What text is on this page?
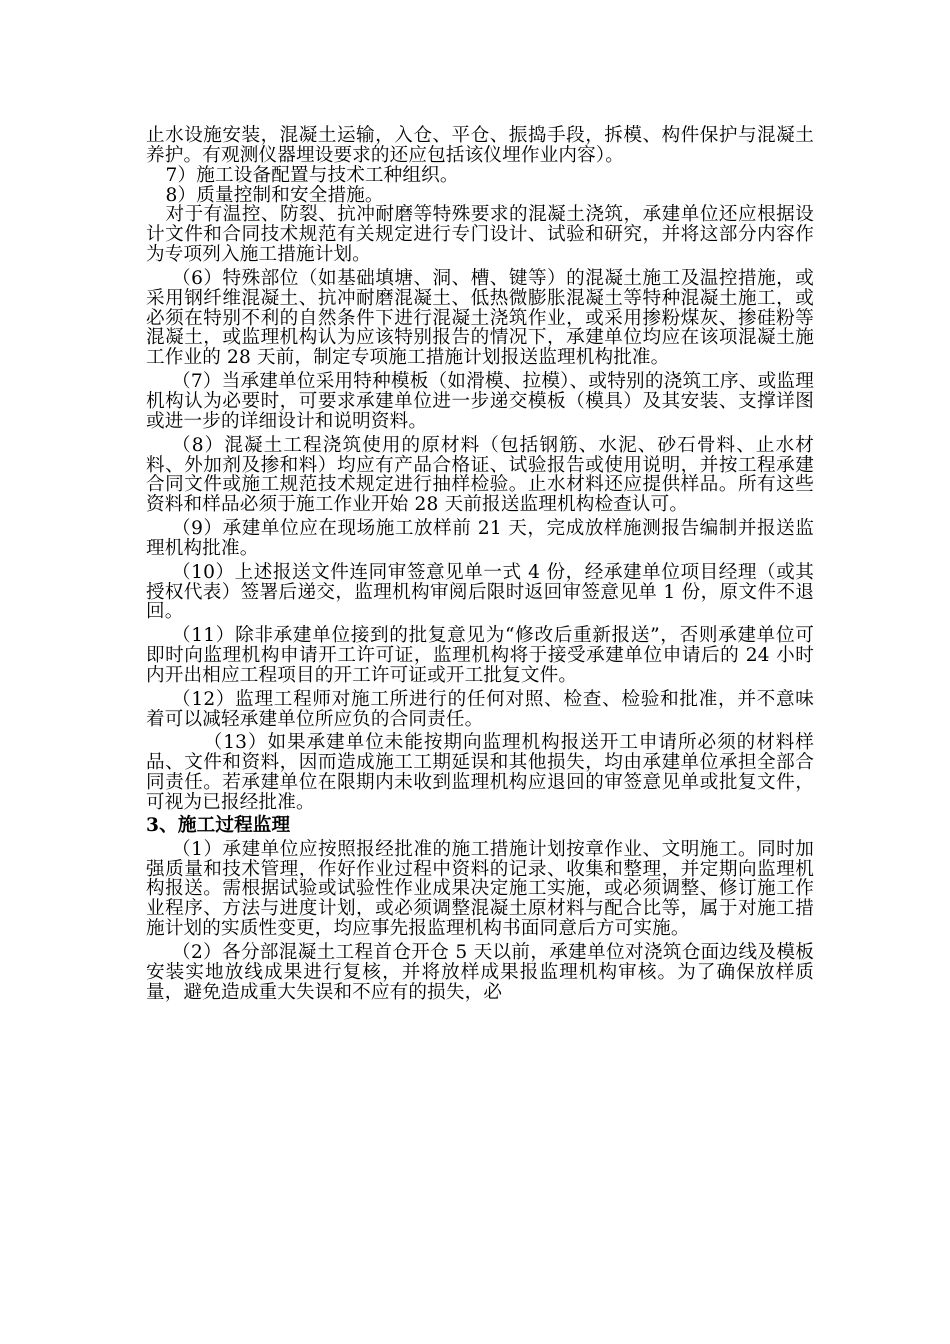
止水设施安装，混凝土运输，入仓、平仓、振捣手段，拆模、构件保护与混凝土养护。有观测仪器埋设要求的还应包括该仪埋作业内容）。

7）施工设备配置与技术工种组织。

8）质量控制和安全措施。

对于有温控、防裂、抗冲耐磨等特殊要求的混凝土浇筑，承建单位还应根据设计文件和合同技术规范有关规定进行专门设计、试验和研究，并将这部分内容作为专项列入施工措施计划。

（6）特殊部位（如基础填塘、洞、槽、键等）的混凝土施工及温控措施，或采用钢纤维混凝土、抗冲耐磨混凝土、低热微膨胀混凝土等特种混凝土施工，或必须在特别不利的自然条件下进行混凝土浇筑作业，或采用掺粉煤灰、掺硅粉等混凝土，或监理机构认为应该特别报告的情况下，承建单位均应在该项混凝土施工作业的 28 天前，制定专项施工措施计划报送监理机构批准。

（7）当承建单位采用特种模板（如滑模、拉模）、或特别的浇筑工序、或监理机构认为必要时，可要求承建单位进一步递交模板（模具）及其安装、支撑详图或进一步的详细设计和说明资料。

（8）混凝土工程浇筑使用的原材料（包括钢筋、水泥、砂石骨料、止水材料、外加剂及掺和料）均应有产品合格证、试验报告或使用说明，并按工程承建合同文件或施工规范技术规定进行抽样检验。止水材料还应提供样品。所有这些资料和样品必须于施工作业开始 28 天前报送监理机构检查认可。

（9）承建单位应在现场施工放样前 21 天，完成放样施测报告编制并报送监理机构批准。

（10）上述报送文件连同审签意见单一式 4 份，经承建单位项目经理（或其授权代表）签署后递交，监理机构审阅后限时返回审签意见单 1 份，原文件不退回。

（11）除非承建单位接到的批复意见为“修改后重新报送”，否则承建单位可即时向监理机构申请开工许可证，监理机构将于接受承建单位申请后的 24 小时内开出相应工程项目的开工许可证或开工批复文件。

（12）监理工程师对施工所进行的任何对照、检查、检验和批准，并不意味着可以减轻承建单位所应负的合同责任。

（13）如果承建单位未能按期向监理机构报送开工申请所必须的材料样品、文件和资料，因而造成施工工期延误和其他损失，均由承建单位承担全部合同责任。若承建单位在限期内未收到监理机构应退回的审签意见单或批复文件，可视为已报经批准。

3、施工过程监理

（1）承建单位应按照报经批准的施工措施计划按章作业、文明施工。同时加强质量和技术管理，作好作业过程中资料的记录、收集和整理，并定期向监理机构报送。需根据试验或试验性作业成果决定施工实施，或必须调整、修订施工作业程序、方法与进度计划，或必须调整混凝土原材料与配合比等，属于对施工措施计划的实质性变更，均应事先报监理机构书面同意后方可实施。

（2）各分部混凝土工程首仓开仓 5 天以前，承建单位对浇筑仓面边线及模板安装实地放线成果进行复核，并将放样成果报监理机构审核。为了确保放样质量，避免造成重大失误和不应有的损失，必
